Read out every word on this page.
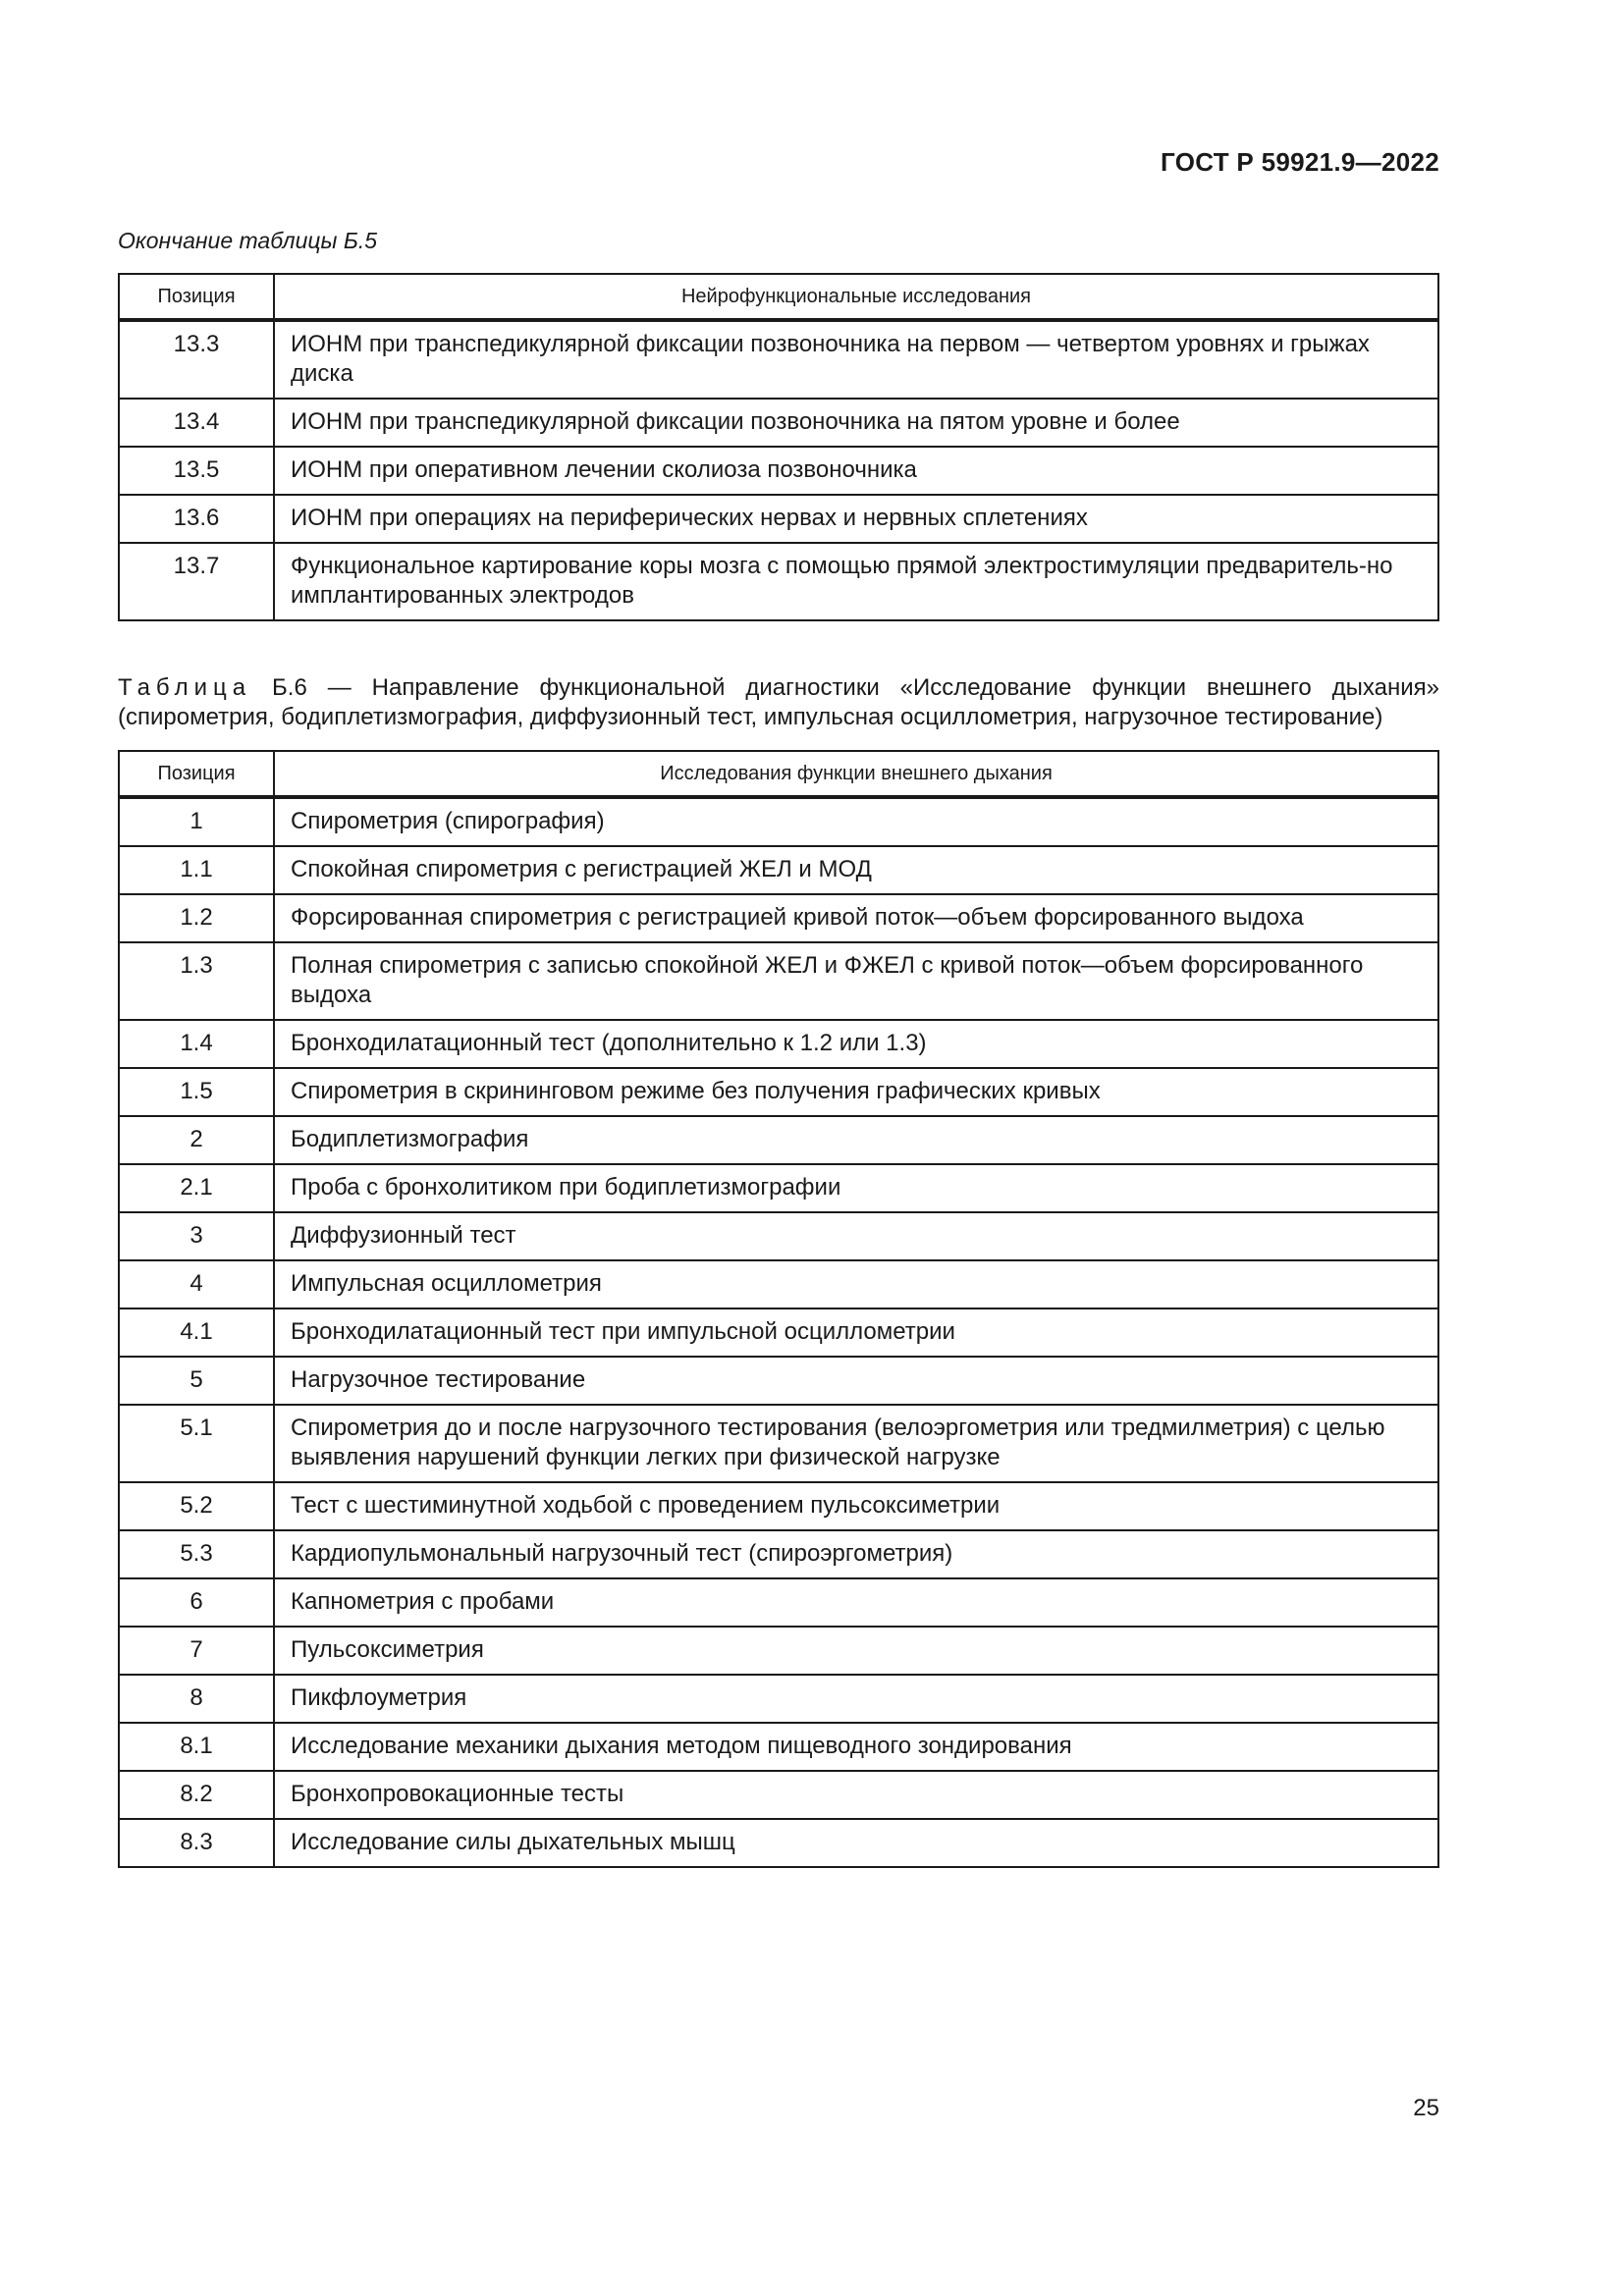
ГОСТ Р 59921.9—2022
Окончание таблицы Б.5
Позиция	Нейрофункциональные исследования
13.3	ИОНМ при транспедикулярной фиксации позвоночника на первом — четвертом уровнях и грыжах диска
13.4	ИОНМ при транспедикулярной фиксации позвоночника на пятом уровне и более
13.5	ИОНМ при оперативном лечении сколиоза позвоночника
13.6	ИОНМ при операциях на периферических нервах и нервных сплетениях
13.7	Функциональное картирование коры мозга с помощью прямой электростимуляции предваритель-но имплантированных электродов
Таблица Б.6 — Направление функциональной диагностики «Исследование функции внешнего дыхания» (спирометрия, бодиплетизмография, диффузионный тест, импульсная осциллометрия, нагрузочное тестирование)
Позиция	Исследования функции внешнего дыхания
1	Спирометрия (спирография)
1.1	Спокойная спирометрия с регистрацией ЖЕЛ и МОД
1.2	Форсированная спирометрия с регистрацией кривой поток—объем форсированного выдоха
1.3	Полная спирометрия с записью спокойной ЖЕЛ и ФЖЕЛ с кривой поток—объем форсированного выдоха
1.4	Бронходилатационный тест (дополнительно к 1.2 или 1.3)
1.5	Спирометрия в скрининговом режиме без получения графических кривых
2	Бодиплетизмография
2.1	Проба с бронхолитиком при бодиплетизмографии
3	Диффузионный тест
4	Импульсная осциллометрия
4.1	Бронходилатационный тест при импульсной осциллометрии
5	Нагрузочное тестирование
5.1	Спирометрия до и после нагрузочного тестирования (велоэргометрия или тредмилметрия) с целью выявления нарушений функции легких при физической нагрузке
5.2	Тест с шестиминутной ходьбой с проведением пульсоксиметрии
5.3	Кардиопульмональный нагрузочный тест (спироэргометрия)
6	Капнометрия с пробами
7	Пульсоксиметрия
8	Пикфлоуметрия
8.1	Исследование механики дыхания методом пищеводного зондирования
8.2	Бронхопровокационные тесты
8.3	Исследование силы дыхательных мышц
25
